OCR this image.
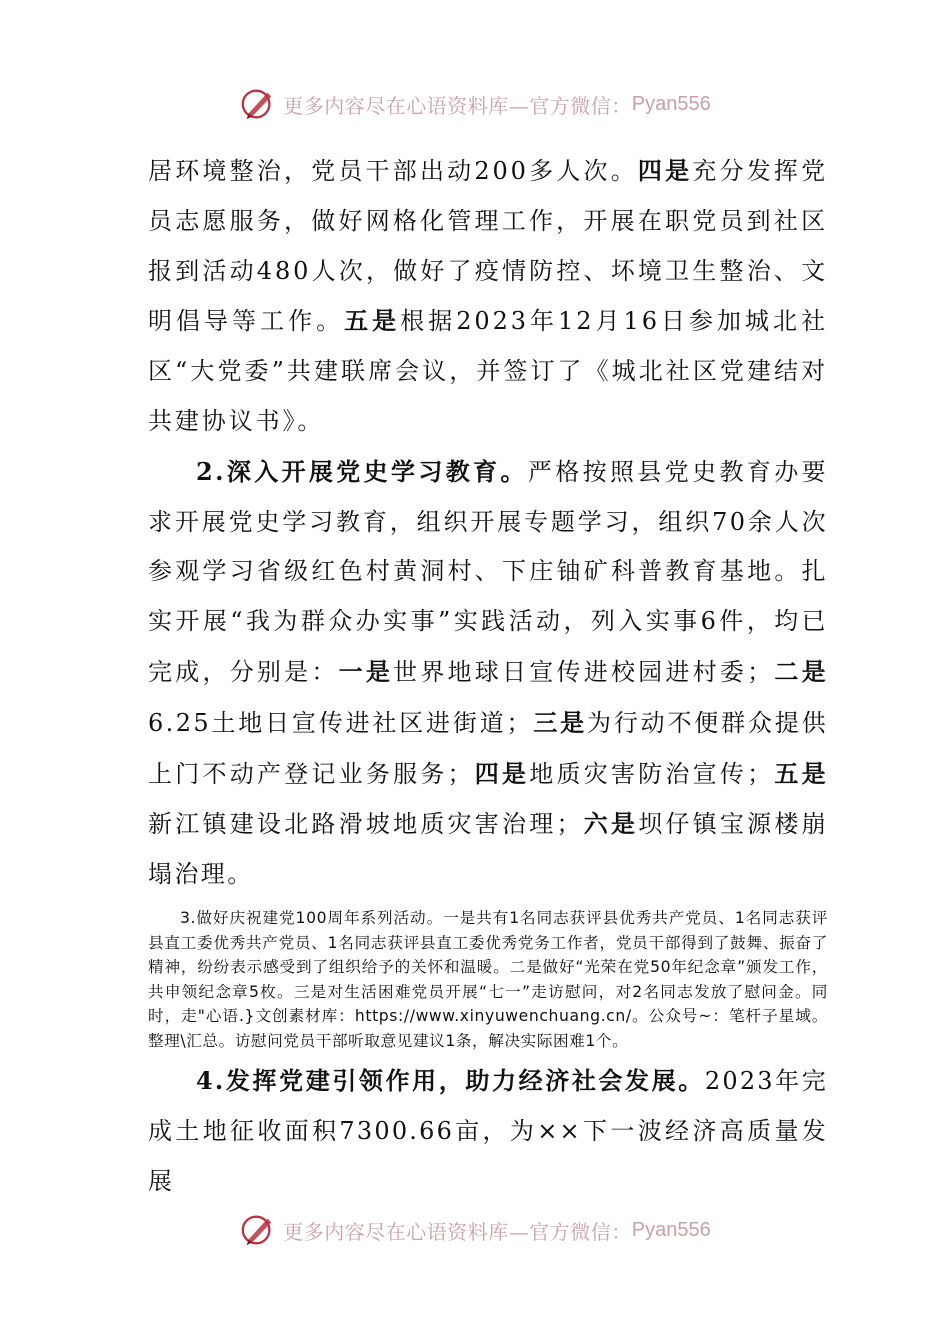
更多内容尽在心语资料库—官方微信： Pyan556

居环境整治，党员干部出动200多人次。四是充分发挥党员志愿服务，做好网格化管理工作，开展在职党员到社区报到活动480人次，做好了疫情防控、坏境卫生整治、文明倡导等工作。五是根据2023年12月16日参加城北社区“大党委”共建联席会议，并签订了《城北社区党建结对共建协议书》。

2.深入开展党史学习教育。严格按照县党史教育办要求开展党史学习教育，组织开展专题学习，组织70余人次参观学习省级红色村黄洞村、下庄铀矿科普教育基地。扎实开展“我为群众办实事”实践活动，列入实事6件，均已完成，分别是：一是世界地球日宣传进校园进村委；二是6.25土地日宣传进社区进街道；三是为行动不便群众提供上门不动产登记业务服务；四是地质灾害防治宣传；五是新江镇建设北路滑坡地质灾害治理；六是坝仔镇宝源楼崩塌治理。

3.做好庆祝建党100周年系列活动。一是共有1名同志获评县优秀共产党员、1名同志获评县直工委优秀共产党员、1名同志获评县直工委优秀党务工作者，党员干部得到了鼓舞、振奋了精神，纷纷表示感受到了组织给予的关怀和温暖。二是做好“光荣在党50年纪念章”颁发工作，共申领纪念章5枚。三是对生活困难党员开展“七一”走访慰问，对2名同志发放了慰问金。同时，走"心语.}文创素材库：https://www.xinyuwenchuang.cn/。公众号~：笔杆子星域。整理\汇总。访慰问党员干部听取意见建议1条，解决实际困难1个。

4.发挥党建引领作用，助力经济社会发展。2023年完成土地征收面积7300.66亩，为××下一波经济高质量发展

更多内容尽在心语资料库—官方微信： Pyan556
